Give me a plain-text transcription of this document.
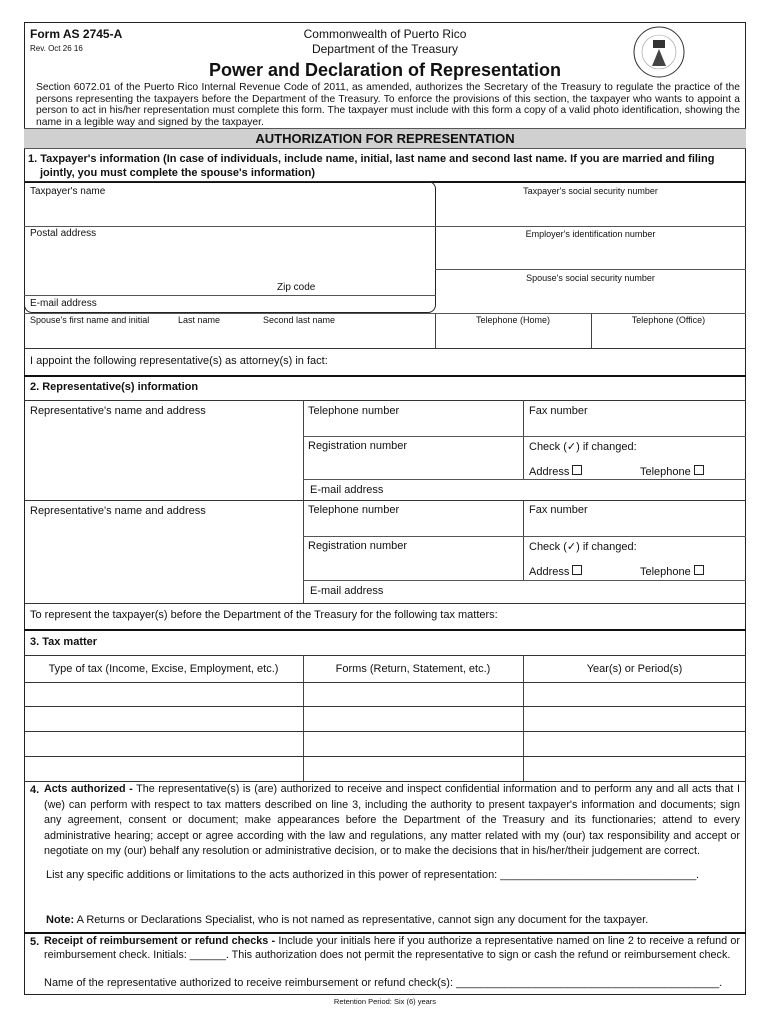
Form AS 2745-A
Rev. Oct 26 16
Commonwealth of Puerto Rico
Department of the Treasury
Power and Declaration of Representation
Section 6072.01 of the Puerto Rico Internal Revenue Code of 2011, as amended, authorizes the Secretary of the Treasury to regulate the practice of the persons representing the taxpayers before the Department of the Treasury. To enforce the provisions of this section, the taxpayer who wants to appoint a person to act in his/her representation must complete this form. The taxpayer must include with this form a copy of a valid photo identification, showing the name in a legible way and signed by the taxpayer.
AUTHORIZATION FOR REPRESENTATION
1. Taxpayer's information (In case of individuals, include name, initial, last name and second last name. If you are married and filing jointly, you must complete the spouse's information)
Taxpayer's name
Postal address
Zip code
E-mail address
Taxpayer's social security number
Employer's identification number
Spouse's social security number
Spouse's first name and initial	Last name	Second last name	Telephone (Home)	Telephone (Office)
I appoint the following representative(s) as attorney(s) in fact:
2. Representative(s) information
Representative's name and address	Telephone number	Fax number
Registration number	Check (✓) if changed:
Address	Telephone
E-mail address
Representative's name and address	Telephone number	Fax number
Registration number	Check (✓) if changed:
Address	Telephone
E-mail address
To represent the taxpayer(s) before the Department of the Treasury for the following tax matters:
3. Tax matter
Type of tax (Income, Excise, Employment, etc.)	Forms (Return, Statement, etc.)	Year(s) or Period(s)
4. Acts authorized - The representative(s) is (are) authorized to receive and inspect confidential information and to perform any and all acts that I (we) can perform with respect to tax matters described on line 3, including the authority to present taxpayer's information and documents; sign any agreement, consent or document; make appearances before the Department of the Treasury and its functionaries; attend to every administrative hearing; accept or agree according with the law and regulations, any matter related with my (our) tax responsibility and accept or negotiate on my (our) behalf any resolution or administrative decision, or to make the decisions that in his/her/their judgement are correct.
List any specific additions or limitations to the acts authorized in this power of representation: ________________________________.
Note: A Returns or Declarations Specialist, who is not named as representative, cannot sign any document for the taxpayer.
5. Receipt of reimbursement or refund checks - Include your initials here if you authorize a representative named on line 2 to receive a refund or reimbursement check. Initials: ______. This authorization does not permit the representative to sign or cash the refund or reimbursement check.
Name of the representative authorized to receive reimbursement or refund check(s): ___________________________________________.
Retention Period: Six (6) years
